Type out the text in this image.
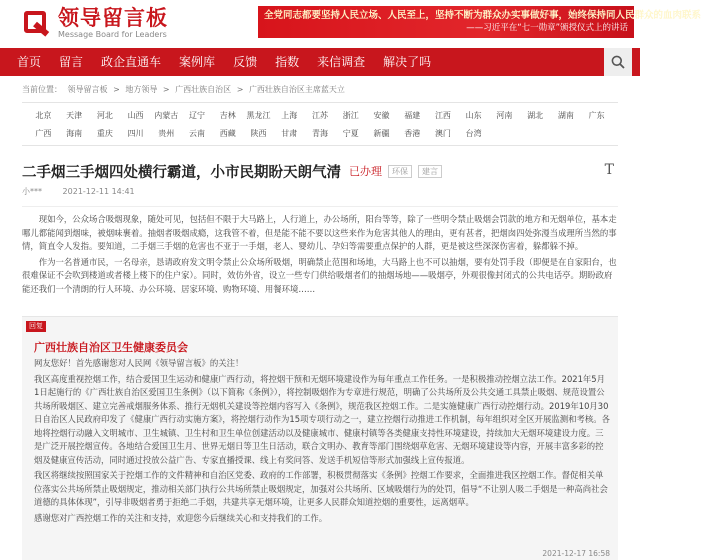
领导留言板
Message Board for Leaders
全党同志都要坚持人民立场、人民至上，坚持不断为群众办实事做好事，始终保持同人民群众的血肉联系
——习近平在“七一勋章”颁授仪式上的讲话
首页	留言	政企直通车	案例库	反馈	指数	来信调查	解决了吗
当前位置： 领导留言板 > 地方领导 > 广西壮族自治区 > 广西壮族自治区主席蓝天立
北京	天津	河北	山西	内蒙古	辽宁	吉林	黑龙江	上海	江苏	浙江	安徽	福建	江西	山东	河南	湖北	湖南	广东
广西	海南	重庆	四川	贵州	云南	西藏	陕西	甘肃	青海	宁夏	新疆	香港	澳门	台湾
二手烟三手烟四处横行霸道，小市民期盼天朗气清 已办理	环保	建言	T
小***	2021-12-11 14:41

现如今，公众场合吸烟现象，随处可见，包括但不限于大马路上，人行道上，办公场所，阳台等等，除了一些明令禁止吸烟会罚款的地方和无烟单位，基本走哪儿都能闻到烟味，被烟味裹着。抽烟者吸烟成瘾，这我管不着，但是能不能不要以这些来作为危害其他人的理由，更有甚者，把烟囱四处弥漫当成理所当然的事情，简直令人发指。要知道，二手烟三手烟的危害也不亚于一手烟，老人、婴幼儿、孕妇等需要重点保护的人群，更是被这些深深伤害着，躲都躲不掉。

作为一名普通市民，一名母亲，恳请政府发文明令禁止公众场所吸烟，明确禁止范围和场地，大马路上也不可以抽烟，要有处罚手段（即便是在自家阳台，也很难保证不会吹到楼道或者楼上楼下的住户家）。同时，效仿外省，设立一些专门供给吸烟者们的抽烟场地——吸烟亭，外观很像封闭式的公共电话亭。期盼政府能还我们一个清朗的行人环境、办公环境、居家环境、购物环境、用餐环境……

回复
广西壮族自治区卫生健康委员会

网友您好！首先感谢您对人民网《领导留言板》的关注！

我区高度重视控烟工作，结合爱国卫生运动和健康广西行动，将控烟干预和无烟环境建设作为每年重点工作任务。一是积极推动控烟立法工作。2021年5月1日起施行的《广西壮族自治区爱国卫生条例》（以下简称《条例》），将控制吸烟作为专章进行规范，明确了公共场所及公共交通工具禁止吸烟、规范设置公共场所吸烟区、建立完善戒烟服务体系、推行无烟机关建设等控烟内容写入《条例》，规范我区控烟工作。二是实施健康广西行动控烟行动。2019年10月30日自治区人民政府印发了《健康广西行动实施方案》，将控烟行动作为15项专项行动之一，建立控烟行动推进工作机制，每年组织对全区开展监测和考核。各地将控烟行动融入文明城市、卫生城镇、卫生村和卫生单位创建活动以及健康城市、健康村镇等各类健康支持性环境建设，持续加大无烟环境建设力度。三是广泛开展控烟宣传。各地结合爱国卫生月、世界无烟日等卫生日活动，联合文明办、教育等部门围绕烟草危害、无烟环境建设等内容，开展丰富多彩的控烟及健康宣传活动，同时通过投放公益广告、专家直播授课、线上有奖问答、发送手机短信等形式加强线上宣传报道。

我区将继续按照国家关于控烟工作的文件精神和自治区党委、政府的工作部署，积极贯彻落实《条例》控烟工作要求，全面推进我区控烟工作。督促相关单位落实公共场所禁止吸烟规定，推动相关部门执行公共场所禁止吸烟规定，加强对公共场所、区域吸烟行为的处罚，倡导“不让别人吸二手烟是一种高尚社会道德的具体体现”，引导非吸烟者勇于拒绝二手烟，共建共享无烟环境，让更多人民群众知道控烟的重要性，远离烟草。

感谢您对广西控烟工作的关注和支持，欢迎您今后继续关心和支持我们的工作。

2021-12-17 16:58
